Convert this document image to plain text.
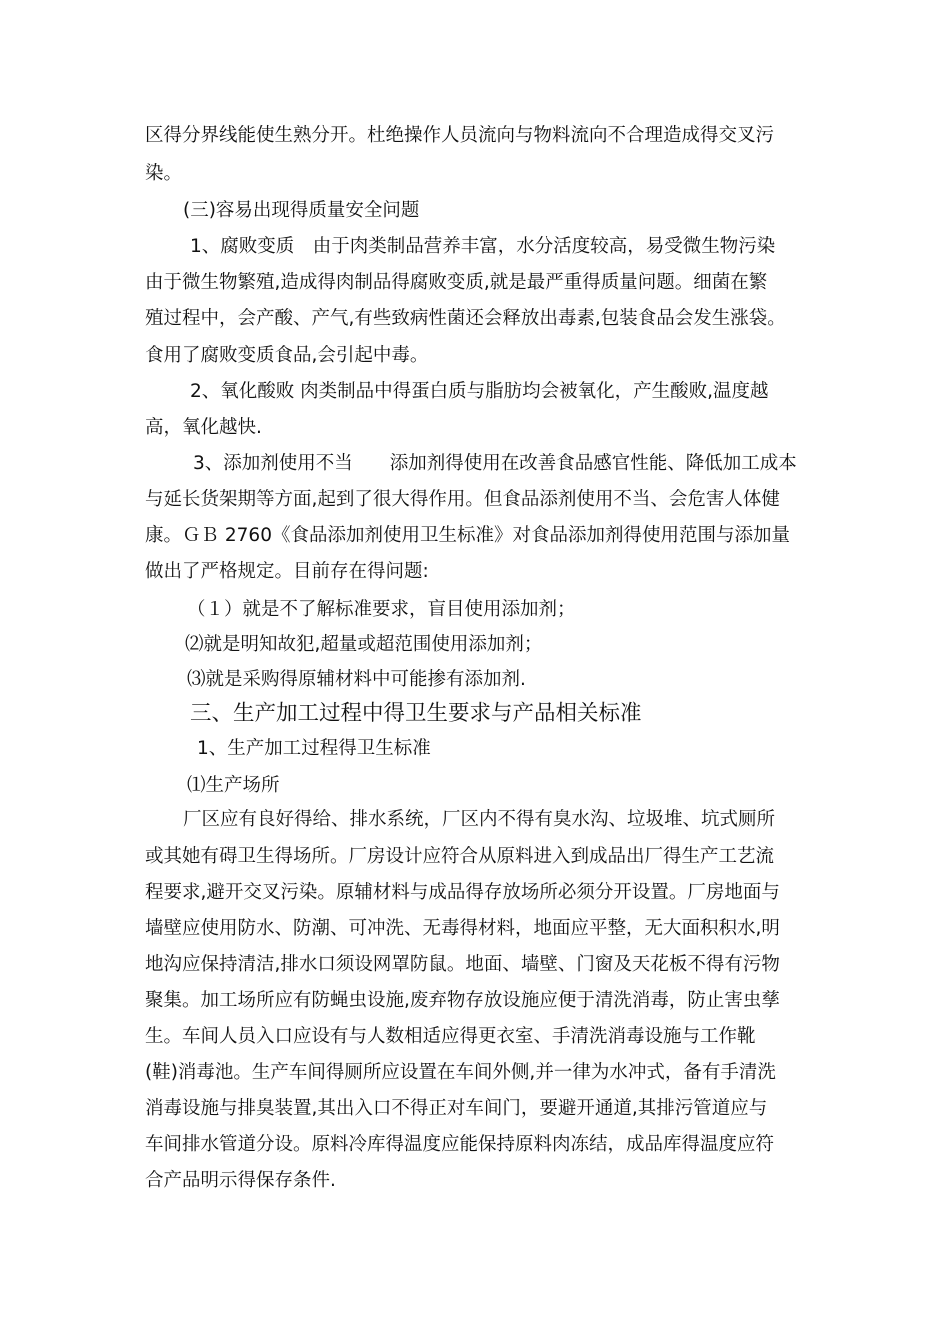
区得分界线能使生熟分开。杜绝操作人员流向与物料流向不合理造成得交叉污
染。
(三)容易出现得质量安全问题
1、腐败变质　由于肉类制品营养丰富，水分活度较高，易受微生物污染
由于微生物繁殖,造成得肉制品得腐败变质,就是最严重得质量问题。细菌在繁
殖过程中，会产酸、产气,有些致病性菌还会释放出毒素,包装食品会发生涨袋。
食用了腐败变质食品,会引起中毒。
2、氧化酸败 肉类制品中得蛋白质与脂肪均会被氧化，产生酸败,温度越
高，氧化越快.
3、添加剂使用不当　　添加剂得使用在改善食品感官性能、降低加工成本
与延长货架期等方面,起到了很大得作用。但食品添剂使用不当、会危害人体健
康。ＧＢ 2760《食品添加剂使用卫生标准》对食品添加剂得使用范围与添加量
做出了严格规定。目前存在得问题:
（１）就是不了解标准要求，盲目使用添加剂；
⑵就是明知故犯,超量或超范围使用添加剂；
⑶就是采购得原辅材料中可能掺有添加剂.
三、生产加工过程中得卫生要求与产品相关标准
1、生产加工过程得卫生标准
⑴生产场所
厂区应有良好得给、排水系统，厂区内不得有臭水沟、垃圾堆、坑式厕所
或其她有碍卫生得场所。厂房设计应符合从原料进入到成品出厂得生产工艺流
程要求,避开交叉污染。原辅材料与成品得存放场所必须分开设置。厂房地面与
墙壁应使用防水、防潮、可冲洗、无毒得材料，地面应平整，无大面积积水,明
地沟应保持清洁,排水口须设网罩防鼠。地面、墙壁、门窗及天花板不得有污物
聚集。加工场所应有防蝇虫设施,废弃物存放设施应便于清洗消毒，防止害虫孳
生。车间人员入口应设有与人数相适应得更衣室、手清洗消毒设施与工作靴
(鞋)消毒池。生产车间得厕所应设置在车间外侧,并一律为水冲式，备有手清洗
消毒设施与排臭装置,其出入口不得正对车间门，要避开通道,其排污管道应与
车间排水管道分设。原料冷库得温度应能保持原料肉冻结，成品库得温度应符
合产品明示得保存条件.
